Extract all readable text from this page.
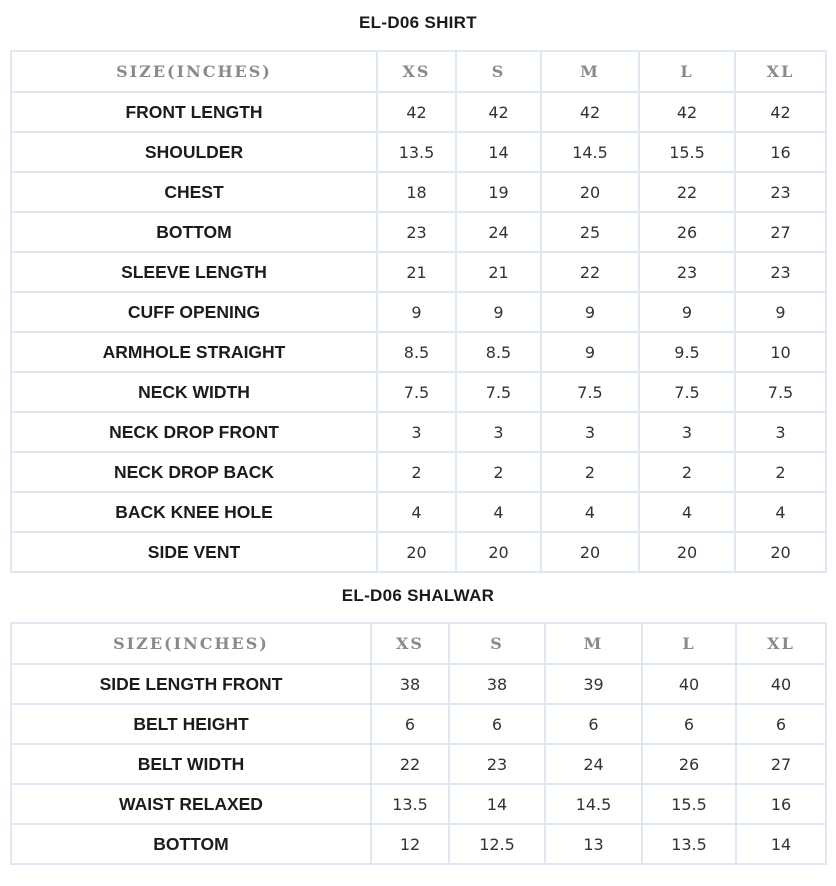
EL-D06 SHIRT
SIZE(INCHES)	XS	S	M	L	XL
FRONT LENGTH	42	42	42	42	42
SHOULDER	13.5	14	14.5	15.5	16
CHEST	18	19	20	22	23
BOTTOM	23	24	25	26	27
SLEEVE LENGTH	21	21	22	23	23
CUFF OPENING	9	9	9	9	9
ARMHOLE STRAIGHT	8.5	8.5	9	9.5	10
NECK WIDTH	7.5	7.5	7.5	7.5	7.5
NECK DROP FRONT	3	3	3	3	3
NECK DROP BACK	2	2	2	2	2
BACK KNEE HOLE	4	4	4	4	4
SIDE VENT	20	20	20	20	20
EL-D06 SHALWAR
SIZE(INCHES)	XS	S	M	L	XL
SIDE LENGTH FRONT	38	38	39	40	40
BELT HEIGHT	6	6	6	6	6
BELT WIDTH	22	23	24	26	27
WAIST RELAXED	13.5	14	14.5	15.5	16
BOTTOM	12	12.5	13	13.5	14
